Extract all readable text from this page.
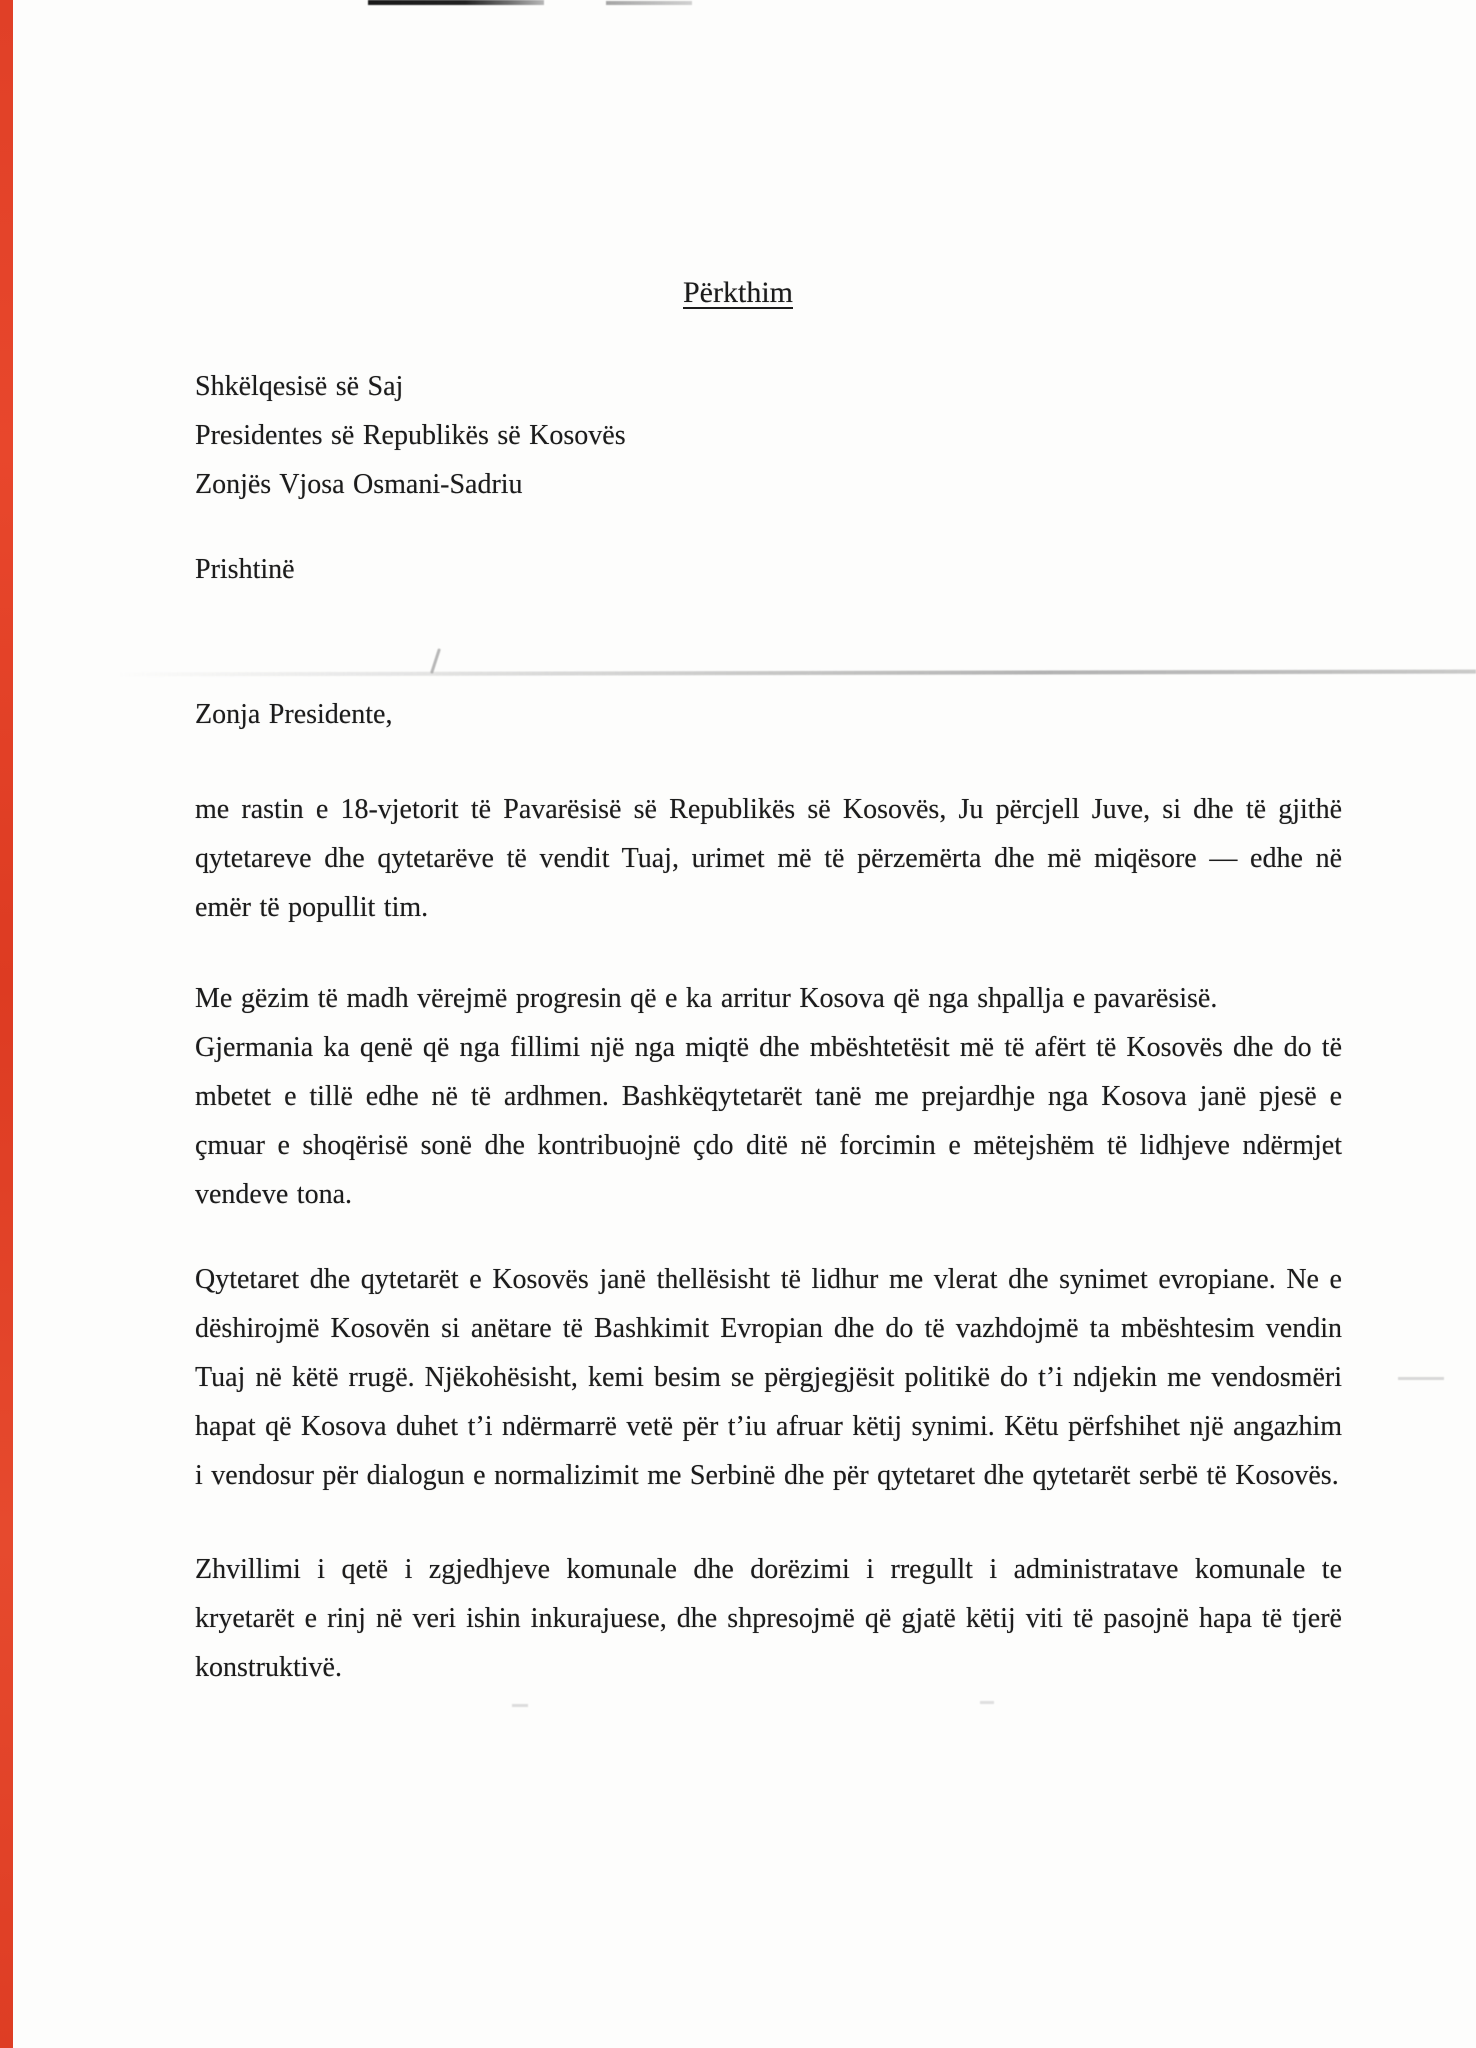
Përkthim
Shkëlqesisë së Saj
Presidentes së Republikës së Kosovës
Zonjës Vjosa Osmani-Sadriu
Prishtinë
Zonja Presidente,
me rastin e 18-vjetorit të Pavarësisë së Republikës së Kosovës, Ju përcjell Juve, si dhe të gjithë
qytetareve dhe qytetarëve të vendit Tuaj, urimet më të përzemërta dhe më miqësore — edhe në
emër të popullit tim.
Me gëzim të madh vërejmë progresin që e ka arritur Kosova që nga shpallja e pavarësisë.
Gjermania ka qenë që nga fillimi një nga miqtë dhe mbështetësit më të afërt të Kosovës dhe do të
mbetet e tillë edhe në të ardhmen. Bashkëqytetarët tanë me prejardhje nga Kosova janë pjesë e
çmuar e shoqërisë sonë dhe kontribuojnë çdo ditë në forcimin e mëtejshëm të lidhjeve ndërmjet
vendeve tona.
Qytetaret dhe qytetarët e Kosovës janë thellësisht të lidhur me vlerat dhe synimet evropiane. Ne e
dëshirojmë Kosovën si anëtare të Bashkimit Evropian dhe do të vazhdojmë ta mbështesim vendin
Tuaj në këtë rrugë. Njëkohësisht, kemi besim se përgjegjësit politikë do t’i ndjekin me vendosmëri
hapat që Kosova duhet t’i ndërmarrë vetë për t’iu afruar këtij synimi. Këtu përfshihet një angazhim
i vendosur për dialogun e normalizimit me Serbinë dhe për qytetaret dhe qytetarët serbë të Kosovës.
Zhvillimi i qetë i zgjedhjeve komunale dhe dorëzimi i rregullt i administratave komunale te
kryetarët e rinj në veri ishin inkurajuese, dhe shpresojmë që gjatë këtij viti të pasojnë hapa të tjerë
konstruktivë.
